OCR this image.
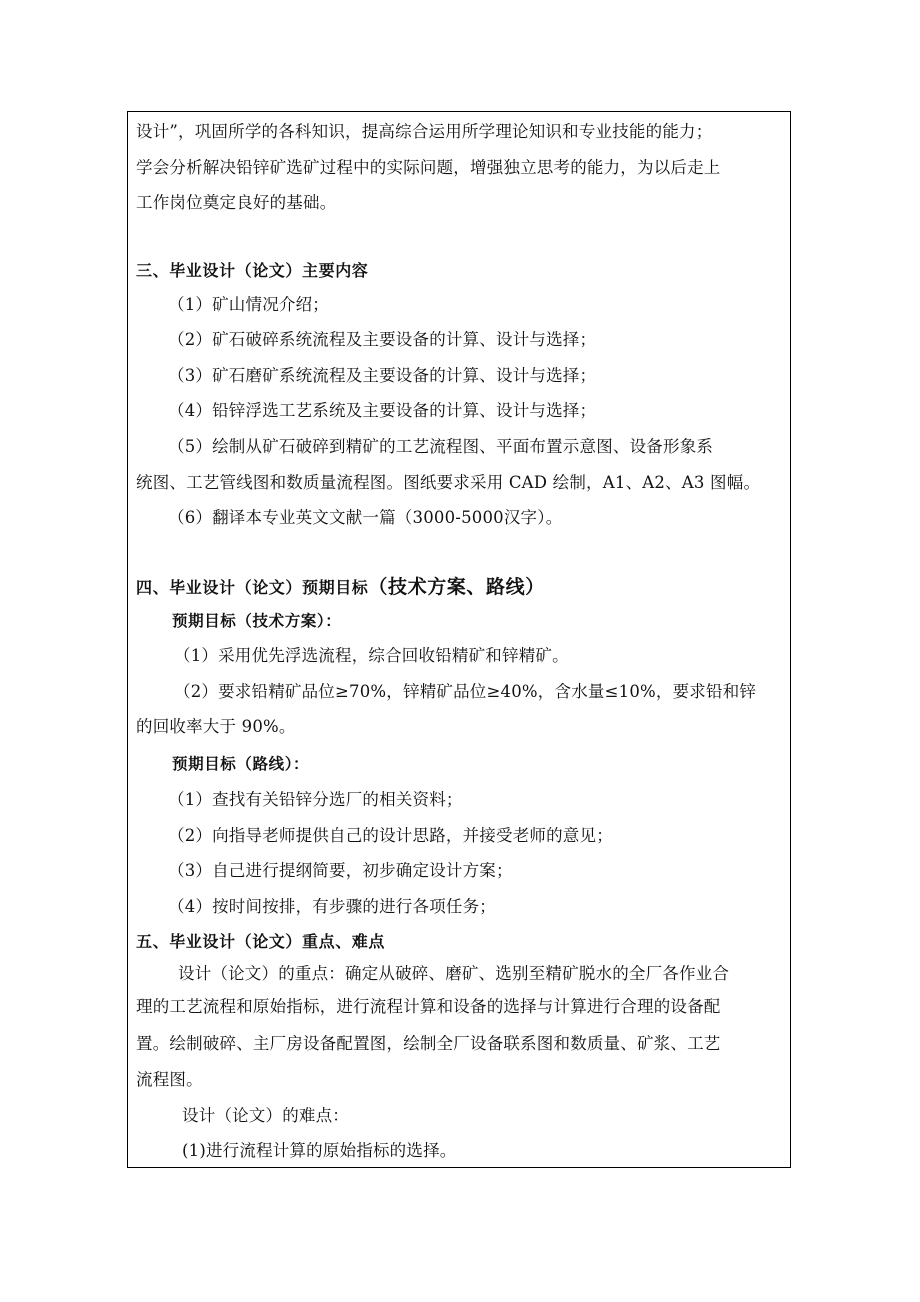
设计”，巩固所学的各科知识，提高综合运用所学理论知识和专业技能的能力；
学会分析解决铅锌矿选矿过程中的实际问题，增强独立思考的能力，为以后走上
工作岗位奠定良好的基础。
三、毕业设计（论文）主要内容
（1）矿山情况介绍；
（2）矿石破碎系统流程及主要设备的计算、设计与选择；
（3）矿石磨矿系统流程及主要设备的计算、设计与选择；
（4）铅锌浮选工艺系统及主要设备的计算、设计与选择；
（5）绘制从矿石破碎到精矿的工艺流程图、平面布置示意图、设备形象系
统图、工艺管线图和数质量流程图。图纸要求采用 CAD 绘制，A1、A2、A3 图幅。
（6）翻译本专业英文文献一篇（3000-5000汉字）。
四、毕业设计（论文）预期目标（技术方案、路线）
预期目标（技术方案）：
（1）采用优先浮选流程，综合回收铅精矿和锌精矿。
（2）要求铅精矿品位≥70%，锌精矿品位≥40%，含水量≤10%，要求铅和锌
的回收率大于 90%。
预期目标（路线）：
（1）查找有关铅锌分选厂的相关资料；
（2）向指导老师提供自己的设计思路，并接受老师的意见；
（3）自己进行提纲简要，初步确定设计方案；
（4）按时间按排，有步骤的进行各项任务；
五、毕业设计（论文）重点、难点
设计（论文）的重点：确定从破碎、磨矿、选别至精矿脱水的全厂各作业合
理的工艺流程和原始指标，进行流程计算和设备的选择与计算进行合理的设备配
置。绘制破碎、主厂房设备配置图，绘制全厂设备联系图和数质量、矿浆、工艺
流程图。
设计（论文）的难点：
(1)进行流程计算的原始指标的选择。
